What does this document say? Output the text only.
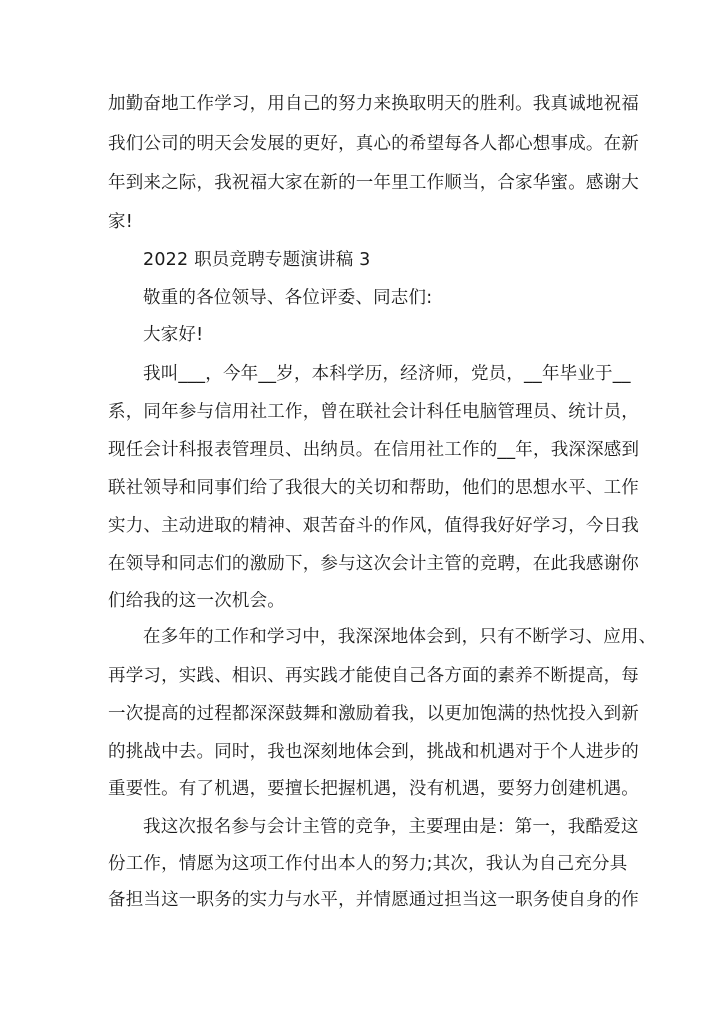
加勤奋地工作学习，用自己的努力来换取明天的胜利。我真诚地祝福
我们公司的明天会发展的更好，真心的希望每各人都心想事成。在新
年到来之际，我祝福大家在新的一年里工作顺当，合家华蜜。感谢大
家!
2022 职员竞聘专题演讲稿 3
敬重的各位领导、各位评委、同志们:
大家好!
我叫___，今年__岁，本科学历，经济师，党员，__年毕业于__
系，同年参与信用社工作，曾在联社会计科任电脑管理员、统计员，
现任会计科报表管理员、出纳员。在信用社工作的__年，我深深感到
联社领导和同事们给了我很大的关切和帮助，他们的思想水平、工作
实力、主动进取的精神、艰苦奋斗的作风，值得我好好学习，今日我
在领导和同志们的激励下，参与这次会计主管的竞聘，在此我感谢你
们给我的这一次机会。
在多年的工作和学习中，我深深地体会到，只有不断学习、应用、
再学习，实践、相识、再实践才能使自己各方面的素养不断提高，每
一次提高的过程都深深鼓舞和激励着我，以更加饱满的热忱投入到新
的挑战中去。同时，我也深刻地体会到，挑战和机遇对于个人进步的
重要性。有了机遇，要擅长把握机遇，没有机遇，要努力创建机遇。
我这次报名参与会计主管的竞争，主要理由是：第一，我酷爱这
份工作，情愿为这项工作付出本人的努力;其次，我认为自己充分具
备担当这一职务的实力与水平，并情愿通过担当这一职务使自身的作
